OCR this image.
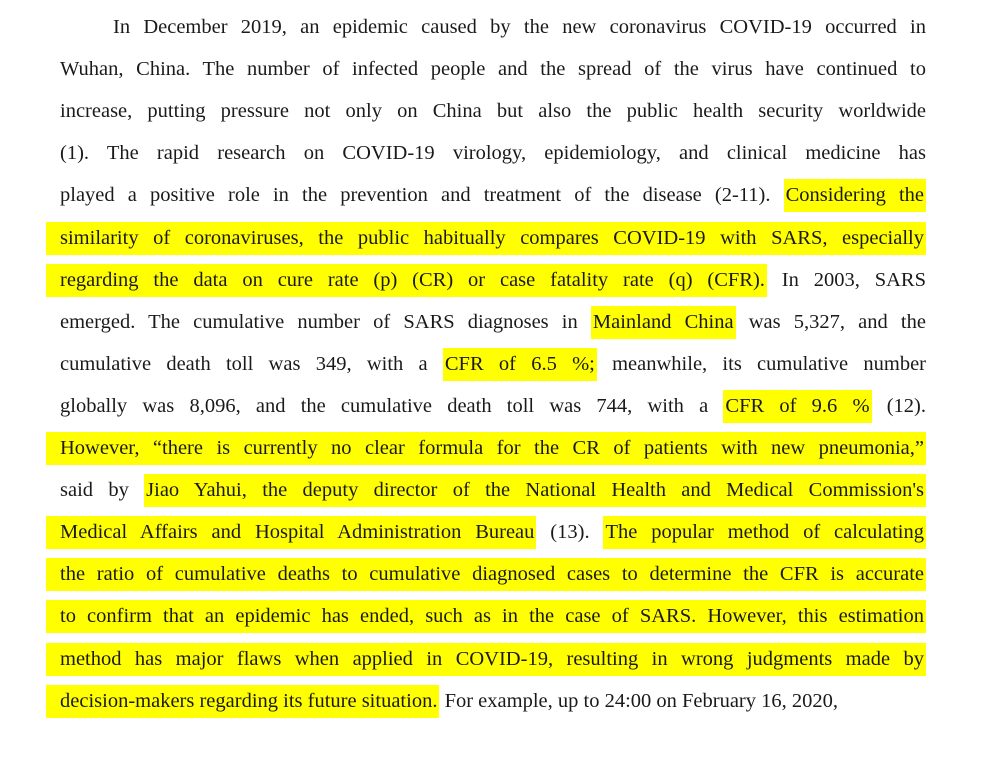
In December 2019, an epidemic caused by the new coronavirus COVID-19 occurred in
Wuhan, China. The number of infected people and the spread of the virus have continued to
increase, putting pressure not only on China but also the public health security worldwide
(1). The rapid research on COVID-19 virology, epidemiology, and clinical medicine has
played a positive role in the prevention and treatment of the disease (2-11). Considering the
similarity of coronaviruses, the public habitually compares COVID-19 with SARS, especially
regarding the data on cure rate (p) (CR) or case fatality rate (q) (CFR). In 2003, SARS
emerged. The cumulative number of SARS diagnoses in Mainland China was 5,327, and the
cumulative death toll was 349, with a CFR of 6.5 %; meanwhile, its cumulative number
globally was 8,096, and the cumulative death toll was 744, with a CFR of 9.6 % (12).
However, “there is currently no clear formula for the CR of patients with new pneumonia,”
said by Jiao Yahui, the deputy director of the National Health and Medical Commission's
Medical Affairs and Hospital Administration Bureau (13). The popular method of calculating
the ratio of cumulative deaths to cumulative diagnosed cases to determine the CFR is accurate
to confirm that an epidemic has ended, such as in the case of SARS. However, this estimation
method has major flaws when applied in COVID-19, resulting in wrong judgments made by
decision-makers regarding its future situation. For example, up to 24:00 on February 16, 2020,
